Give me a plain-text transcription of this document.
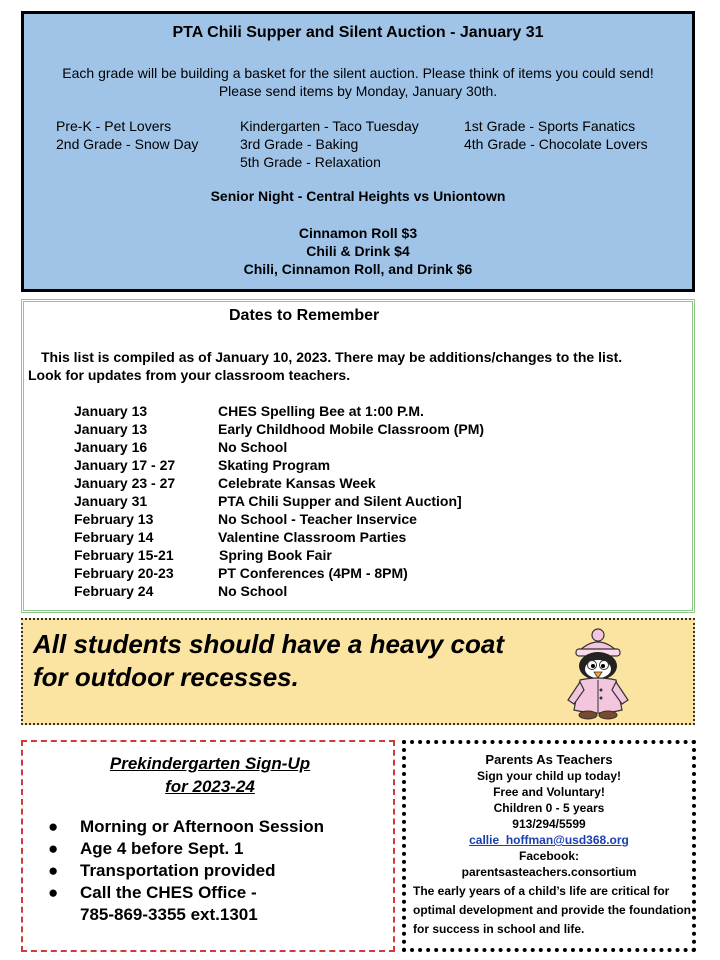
PTA Chili Supper and Silent Auction - January 31
Each grade will be building a basket for the silent auction. Please think of items you could send!
Please send items by Monday, January 30th.
Pre-K - Pet Lovers
2nd Grade - Snow Day
Kindergarten - Taco Tuesday
3rd Grade - Baking
5th Grade - Relaxation
1st Grade - Sports Fanatics
4th Grade - Chocolate Lovers
Senior Night - Central Heights vs Uniontown
Cinnamon Roll $3
Chili & Drink $4
Chili, Cinnamon Roll, and Drink $6
Dates to Remember
This list is compiled as of January 10, 2023. There may be additions/changes to the list.
Look for updates from your classroom teachers.
January 13	CHES Spelling Bee at 1:00 P.M.
January 13	Early Childhood Mobile Classroom (PM)
January 16	No School
January 17 - 27	Skating Program
January 23 - 27	Celebrate Kansas Week
January 31	PTA Chili Supper and Silent Auction]
February 13	No School - Teacher Inservice
February 14	Valentine Classroom Parties
February 15-21	Spring Book Fair
February 20-23	PT Conferences (4PM - 8PM)
February 24	No School
All students should have a heavy coat
for outdoor recesses.
Prekindergarten Sign-Up
for 2023-24
● Morning or Afternoon Session
● Age 4 before Sept. 1
● Transportation provided
● Call the CHES Office -
785-869-3355 ext.1301
Parents As Teachers
Sign your child up today!
Free and Voluntary!
Children 0 - 5 years
913/294/5599
callie_hoffman@usd368.org
Facebook:
parentsasteachers.consortium
The early years of a child’s life are critical for optimal development and provide the foundation for success in school and life.
